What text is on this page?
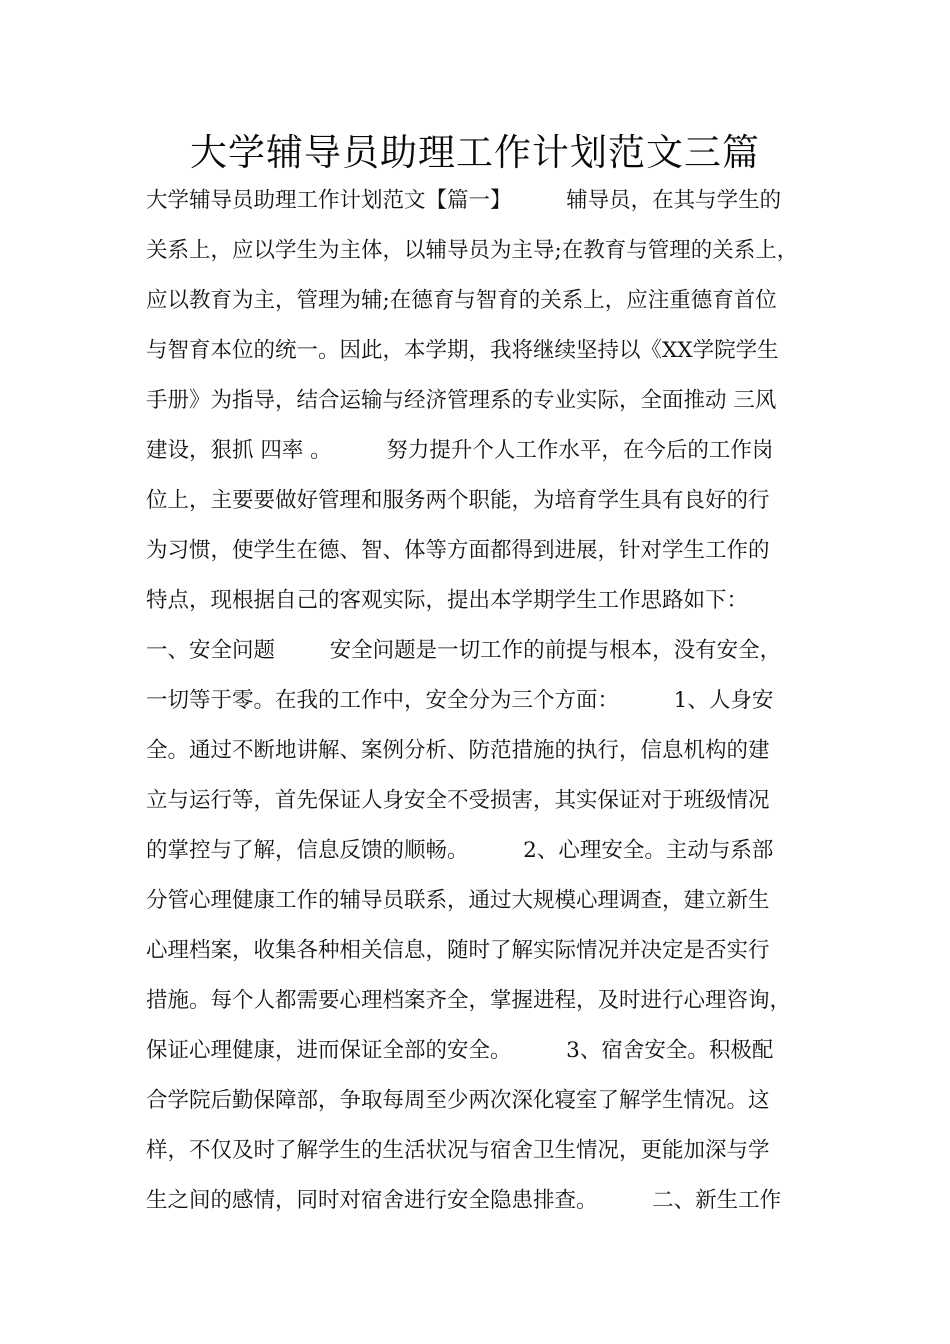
大学辅导员助理工作计划范文三篇
大学辅导员助理工作计划范文【篇一】        辅导员，在其与学生的
关系上，应以学生为主体，以辅导员为主导;在教育与管理的关系上，
应以教育为主，管理为辅;在德育与智育的关系上，应注重德育首位
与智育本位的统一。因此，本学期，我将继续坚持以《XX学院学生
手册》为指导，结合运输与经济管理系的专业实际，全面推动 三风
建设，狠抓 四率 。        努力提升个人工作水平，在今后的工作岗
位上，主要要做好管理和服务两个职能，为培育学生具有良好的行
为习惯，使学生在德、智、体等方面都得到进展，针对学生工作的
特点，现根据自己的客观实际，提出本学期学生工作思路如下：
一、安全问题        安全问题是一切工作的前提与根本，没有安全，
一切等于零。在我的工作中，安全分为三个方面：        1、人身安
全。通过不断地讲解、案例分析、防范措施的执行，信息机构的建
立与运行等，首先保证人身安全不受损害，其实保证对于班级情况
的掌控与了解，信息反馈的顺畅。        2、心理安全。主动与系部
分管心理健康工作的辅导员联系，通过大规模心理调查，建立新生
心理档案，收集各种相关信息，随时了解实际情况并决定是否实行
措施。每个人都需要心理档案齐全，掌握进程，及时进行心理咨询，
保证心理健康，进而保证全部的安全。        3、宿舍安全。积极配
合学院后勤保障部，争取每周至少两次深化寝室了解学生情况。这
样，不仅及时了解学生的生活状况与宿舍卫生情况，更能加深与学
生之间的感情，同时对宿舍进行安全隐患排查。        二、新生工作
